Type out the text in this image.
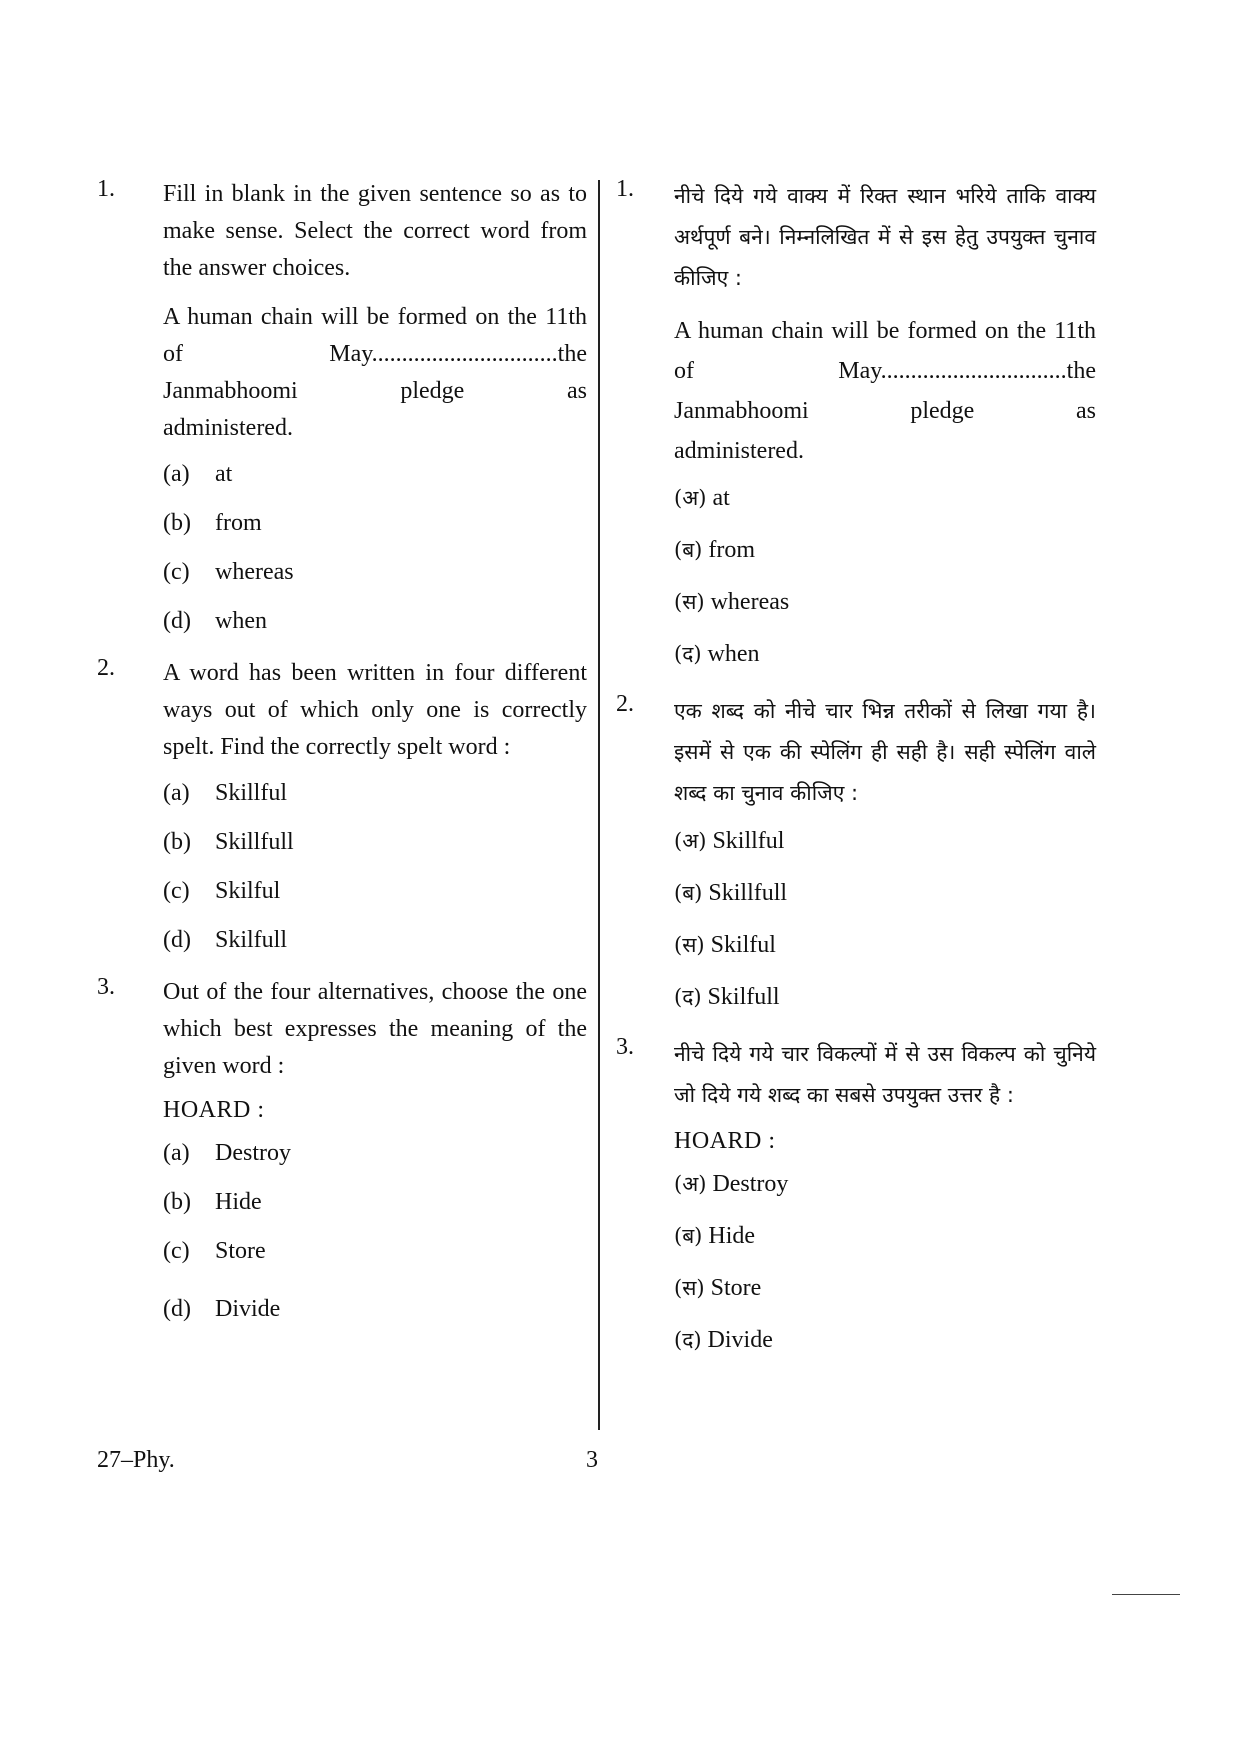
1. Fill in blank in the given sentence so as to make sense. Select the correct word from the answer choices.

A human chain will be formed on the 11th of May...............................the
Janmabhoomi	pledge	as
administered.
(a)	at
(b)	from
(c)	whereas
(d)	when
2. A word has been written in four different ways out of which only one is correctly spelt. Find the correctly spelt word :

(a)	Skillful
(b)	Skillfull
(c)	Skilful
(d)	Skilfull
3. Out of the four alternatives, choose the one which best expresses the meaning of the given word :

HOARD :
(a)	Destroy
(b)	Hide
(c)	Store
(d)	Divide
1. नीचे दिये गये वाक्य में रिक्त स्थान भरिये ताकि वाक्य अर्थपूर्ण बने। निम्नलिखित में से इस हेतु उपयुक्त चुनाव कीजिए :

A human chain will be formed on the 11th of May...............................the
Janmabhoomi	pledge	as
administered.
(अ) at
(ब) from
(स) whereas
(द) when
2. एक शब्द को नीचे चार भिन्न तरीकों से लिखा गया है। इसमें से एक की स्पेलिंग ही सही है। सही स्पेलिंग वाले शब्द का चुनाव कीजिए :

(अ) Skillful
(ब) Skillfull
(स) Skilful
(द) Skilfull
3. नीचे दिये गये चार विकल्पों में से उस विकल्प को चुनिये जो दिये गये शब्द का सबसे उपयुक्त उत्तर है :

HOARD :
(अ) Destroy
(ब) Hide
(स) Store
(द) Divide
27–Phy.	3
